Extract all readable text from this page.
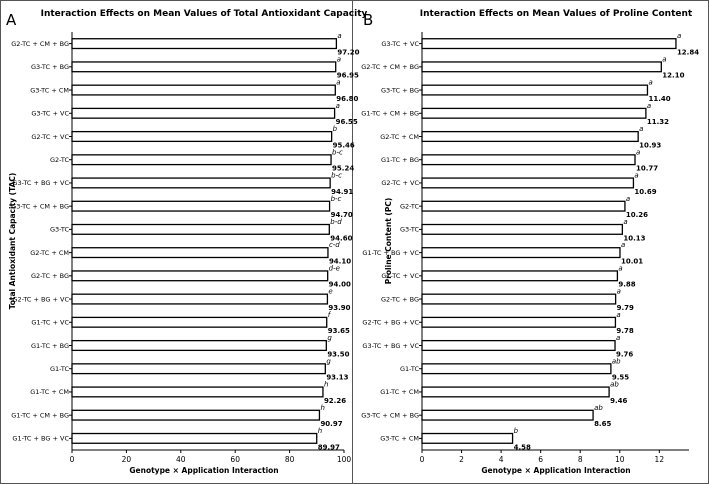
A	Interaction Effects on Mean Values of Total Antioxidant Capacity
Genotype × Application Interaction
Total Antioxidant Capacity (TAC)
0	20	40	60	80	100
G2-TC + CM + BG
a
97.20
G3-TC + BG
a
96.95
G3-TC + CM
a
96.80
G3-TC + VC
a
96.55
G2-TC + VC
b
95.46
G2-TC
b-c
95.24
G3-TC + BG + VC
b-c
94.91
G3-TC + CM + BG
b-c
94.70
G3-TC
b-d
94.60
G2-TC + CM
c-d
94.10
G2-TC + BG
d-e
94.00
G2-TC + BG + VC
e
93.90
G1-TC + VC
f
93.65
G1-TC + BG
g
93.50
G1-TC
g
93.13
G1-TC + CM
h
92.26
G1-TC + CM + BG
h
90.97
G1-TC + BG + VC
h
89.97
B	Interaction Effects on Mean Values of Proline Content
Genotype × Application Interaction
Proline Content (PC)
0	2	4	6	8	10	12
G3-TC + VC
a
12.84
G2-TC + CM + BG
a
12.10
G3-TC + BG
a
11.40
G1-TC + CM + BG
a
11.32
G2-TC + CM
a
10.93
G1-TC + BG
a
10.77
G2-TC + VC
a
10.69
G2-TC
a
10.26
G3-TC
a
10.13
G1-TC + BG + VC
a
10.01
G1-TC + VC
a
9.88
G2-TC + BG
a
9.79
G2-TC + BG + VC
a
9.78
G3-TC + BG + VC
a
9.76
G1-TC
ab
9.55
G1-TC + CM
ab
9.46
G3-TC + CM + BG
ab
8.65
G3-TC + CM
b
4.58
